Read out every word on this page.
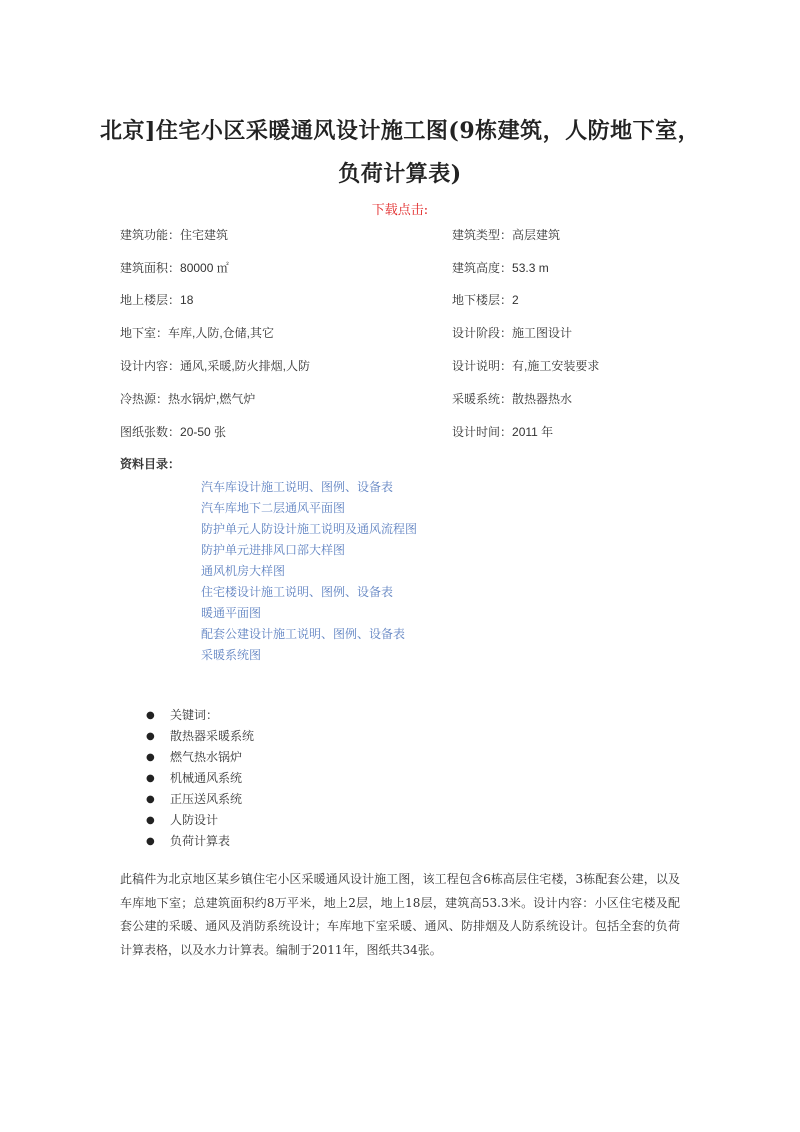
北京]住宅小区采暖通风设计施工图(9栋建筑，人防地下室，
负荷计算表)
下载点击:
建筑功能：住宅建筑	建筑类型：高层建筑
建筑面积：80000 ㎡	建筑高度：53.3 m
地上楼层：18	地下楼层：2
地下室：车库,人防,仓储,其它	设计阶段：施工图设计
设计内容：通风,采暖,防火排烟,人防	设计说明：有,施工安装要求
冷热源：热水锅炉,燃气炉	采暖系统：散热器热水
图纸张数：20-50 张	设计时间：2011 年
资料目录：
汽车库设计施工说明、图例、设备表
汽车库地下二层通风平面图
防护单元人防设计施工说明及通风流程图
防护单元进排风口部大样图
通风机房大样图
住宅楼设计施工说明、图例、设备表
暖通平面图
配套公建设计施工说明、图例、设备表
采暖系统图
●	关键词：
●	散热器采暖系统
●	燃气热水锅炉
●	机械通风系统
●	正压送风系统
●	人防设计
●	负荷计算表

此稿件为北京地区某乡镇住宅小区采暖通风设计施工图，该工程包含6栋高层住宅楼，3栋配套公建，以及车库地下室；总建筑面积约8万平米，地上2层，地上18层，建筑高53.3米。设计内容：小区住宅楼及配套公建的采暖、通风及消防系统设计；车库地下室采暖、通风、防排烟及人防系统设计。包括全套的负荷计算表格，以及水力计算表。编制于2011年，图纸共34张。
